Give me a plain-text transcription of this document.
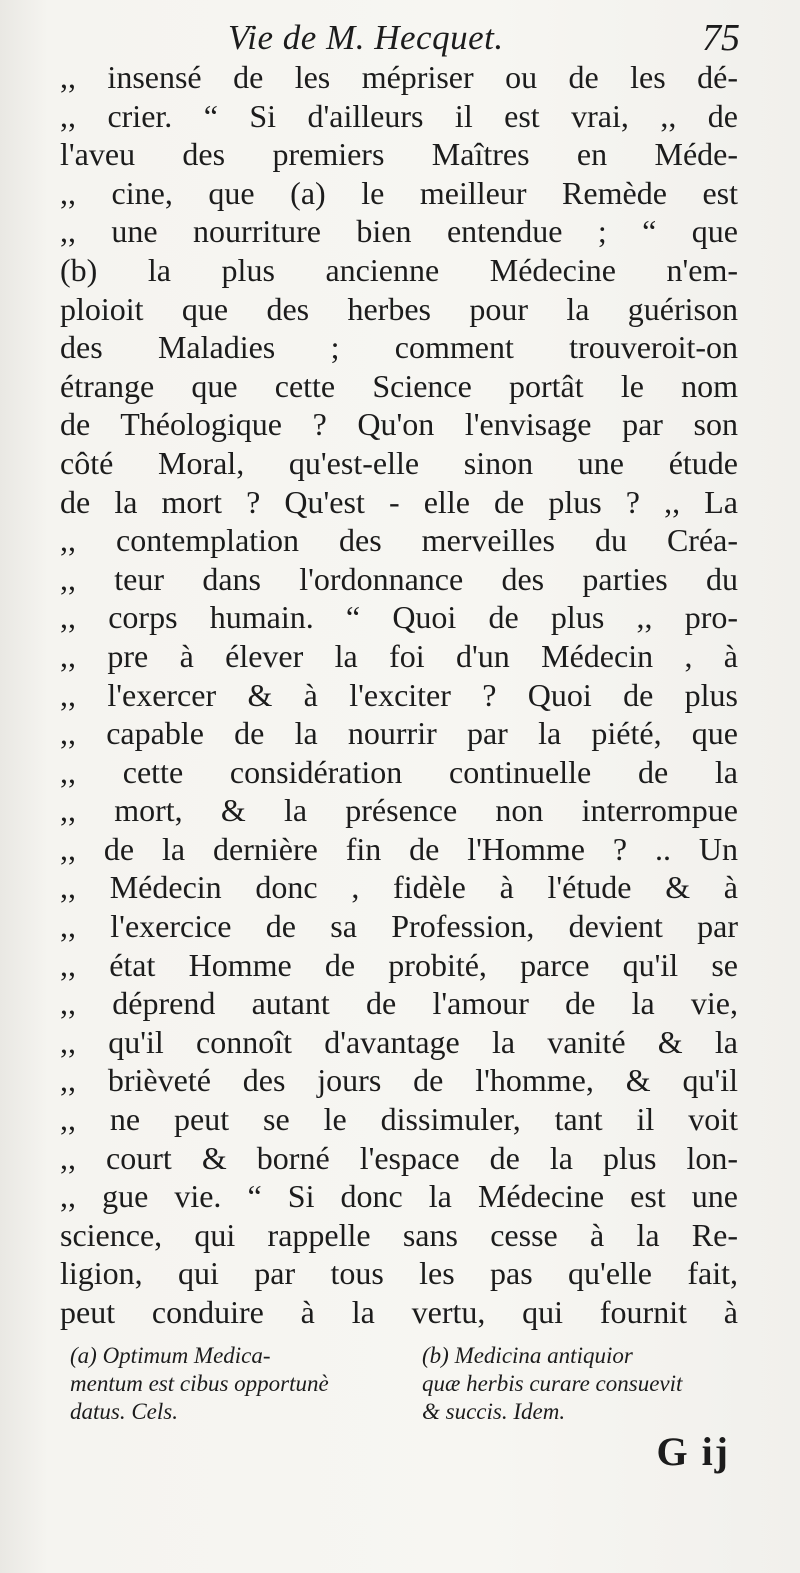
Vie de M. Hecquet.	75
,, insensé de les mépriser ou de les dé-
,, crier. “ Si d'ailleurs il est vrai, ,, de
l'aveu des premiers Maîtres en Méde-
,, cine, que (a) le meilleur Remède est
,, une nourriture bien entendue ; “ que
(b) la plus ancienne Médecine n'em-
ploioit que des herbes pour la guérison
des Maladies ; comment trouveroit-on
étrange que cette Science portât le nom
de Théologique ? Qu'on l'envisage par son
côté Moral, qu'est-elle sinon une étude
de la mort ? Qu'est - elle de plus ? ,, La
,, contemplation des merveilles du Créa-
,, teur dans l'ordonnance des parties du
,, corps humain. “ Quoi de plus ,, pro-
,, pre à élever la foi d'un Médecin , à
,, l'exercer & à l'exciter ? Quoi de plus
,, capable de la nourrir par la piété, que
,, cette considération continuelle de la
,, mort, & la présence non interrompue
,, de la dernière fin de l'Homme ? .. Un
,, Médecin donc , fidèle à l'étude & à
,, l'exercice de sa Profession, devient par
,, état Homme de probité, parce qu'il se
,, déprend autant de l'amour de la vie,
,, qu'il connoît d'avantage la vanité & la
,, brièveté des jours de l'homme, & qu'il
,, ne peut se le dissimuler, tant il voit
,, court & borné l'espace de la plus lon-
,, gue vie. “ Si donc la Médecine est une
science, qui rappelle sans cesse à la Re-
ligion, qui par tous les pas qu'elle fait,
peut conduire à la vertu, qui fournit à
(a) Optimum Medica-
mentum est cibus opportunè
datus. Cels.
(b) Medicina antiquior
quæ herbis curare consuevit
& succis. Idem.
G ij
